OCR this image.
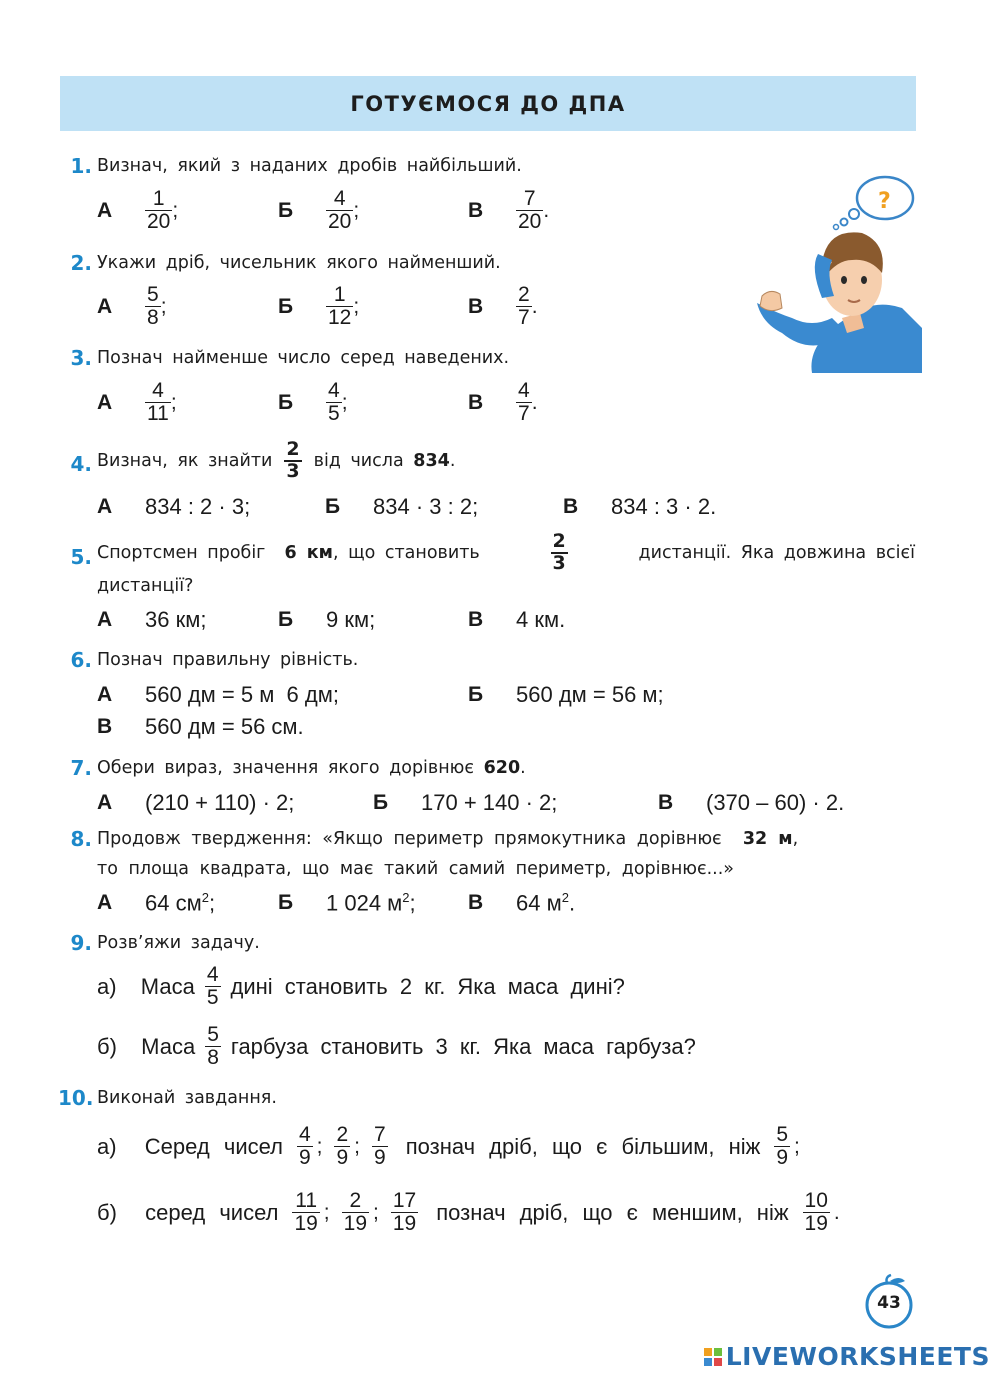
ГОТУЄМОСЯ ДО ДПА
1. Визнач, який з наданих дробів найбільший.
А	$\frac{1}{20}$ ;	Б	$\frac{4}{20}$ ;	В	$\frac{7}{20}$ .
2. Укажи дріб, чисельник якого найменший.
А	$\frac{5}{8}$ ;	Б	$\frac{1}{12}$ ;	В	$\frac{2}{7}$ .
3. Познач найменше число серед наведених.
А	$\frac{4}{11}$ ;	Б	$\frac{4}{5}$ ;	В	$\frac{4}{7}$ .
4. Визнач, як знайти $\frac{2}{3}$ від числа
834 .
А	834 : 2 · 3;	Б	834 · 3 : 2;	В	834 : 3 · 2.
5. Спортсмен пробіг 6 км, що становить	$\frac{2}{3}$	дистанції. Яка довжина всієї
дистанції?
А	36 км;	Б	9 км;	В	4 км.
6. Познач правильну рівність.
А	560 дм = 5 м  6 дм;	Б	560 дм = 56 м;
В	560 дм = 56 см.
7. Обери вираз, значення якого дорівнює 620.
А	(210 + 110) · 2;	Б	170 + 140 · 2;	В	(370 – 60) · 2.
8. Продовж твердження: «Якщо периметр прямокутника дорівнює 32 м,
то площа квадрата, що має такий самий периметр, дорівнює...»
А	64 $см^2$;	Б	1 024 $м^2$; В	64 $м^2$.
9. Розв’яжи задачу.
а)
Маса $\frac{4}{5}$ дині становить 2 кг. Яка маса дині?
б)
Маса $\frac{5}{8}$ гарбуза становить 3 кг. Яка маса гарбуза?
10. Виконай завдання.
а)
Серед чисел $\frac{4}{9}$ ; $\frac{2}{9}$ ; $\frac{7}{9}$ познач дріб, що є більшим, ніж $\frac{5}{9}$ ;
б)
серед чисел $\frac{11}{19}$ ; $\frac{2}{19}$ ; $\frac{17}{19}$ познач дріб, що є меншим, ніж $\frac{10}{19}$ .
?
43
LIVEWORKSHEETS
